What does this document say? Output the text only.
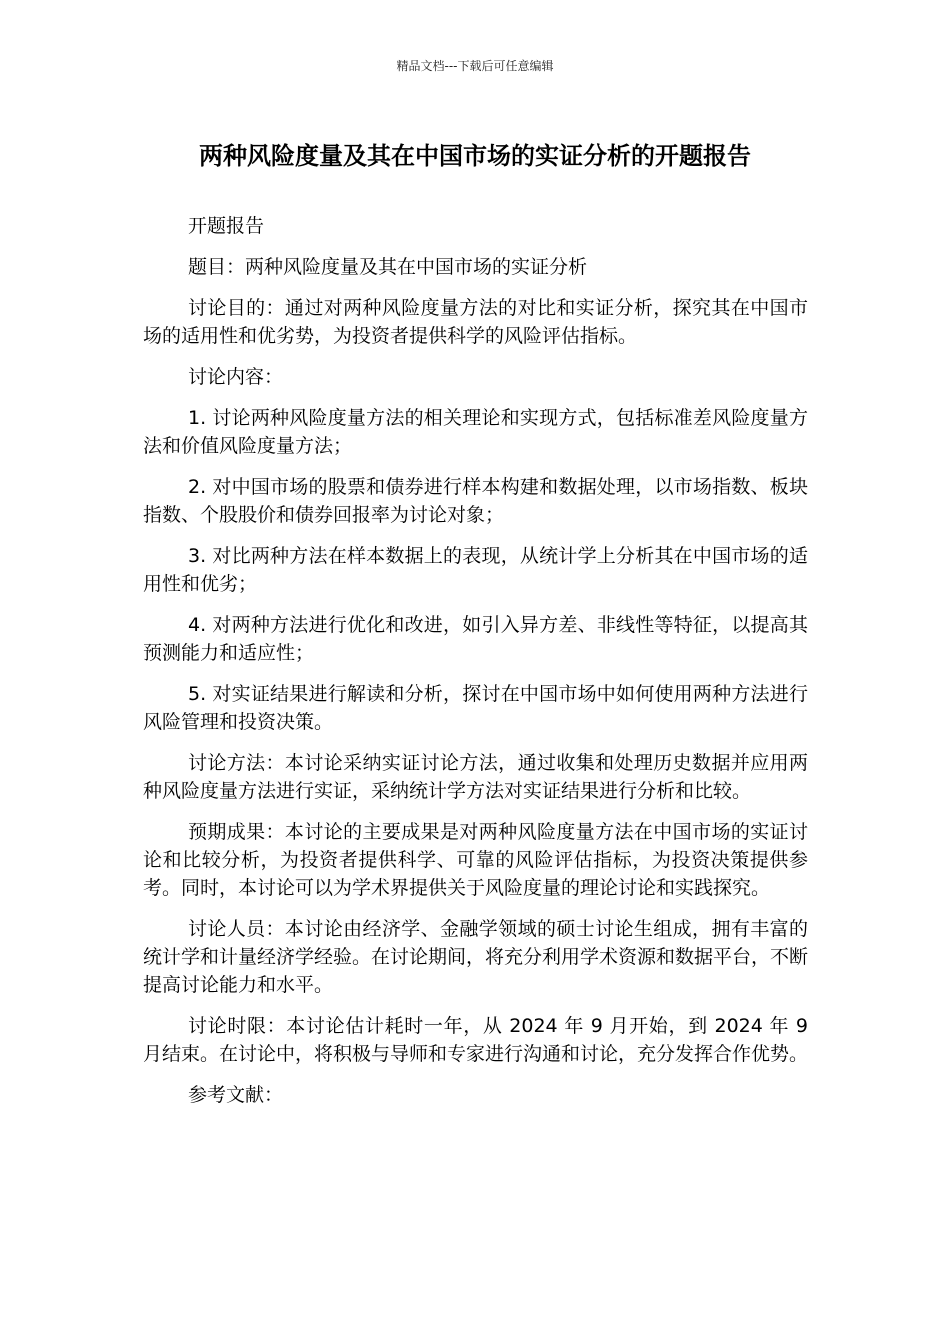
精品文档---下载后可任意编辑
两种风险度量及其在中国市场的实证分析的开题报告

开题报告

题目：两种风险度量及其在中国市场的实证分析

讨论目的：通过对两种风险度量方法的对比和实证分析，探究其在中国市场的适用性和优劣势，为投资者提供科学的风险评估指标。

讨论内容：

1. 讨论两种风险度量方法的相关理论和实现方式，包括标准差风险度量方法和价值风险度量方法；

2. 对中国市场的股票和债券进行样本构建和数据处理，以市场指数、板块指数、个股股价和债券回报率为讨论对象；

3. 对比两种方法在样本数据上的表现，从统计学上分析其在中国市场的适用性和优劣；

4. 对两种方法进行优化和改进，如引入异方差、非线性等特征，以提高其预测能力和适应性；

5. 对实证结果进行解读和分析，探讨在中国市场中如何使用两种方法进行风险管理和投资决策。

讨论方法：本讨论采纳实证讨论方法，通过收集和处理历史数据并应用两种风险度量方法进行实证，采纳统计学方法对实证结果进行分析和比较。

预期成果：本讨论的主要成果是对两种风险度量方法在中国市场的实证讨论和比较分析，为投资者提供科学、可靠的风险评估指标，为投资决策提供参考。同时，本讨论可以为学术界提供关于风险度量的理论讨论和实践探究。

讨论人员：本讨论由经济学、金融学领域的硕士讨论生组成，拥有丰富的统计学和计量经济学经验。在讨论期间，将充分利用学术资源和数据平台，不断提高讨论能力和水平。

讨论时限：本讨论估计耗时一年，从 2024 年 9 月开始，到 2024 年 9 月结束。在讨论中，将积极与导师和专家进行沟通和讨论，充分发挥合作优势。

参考文献：
